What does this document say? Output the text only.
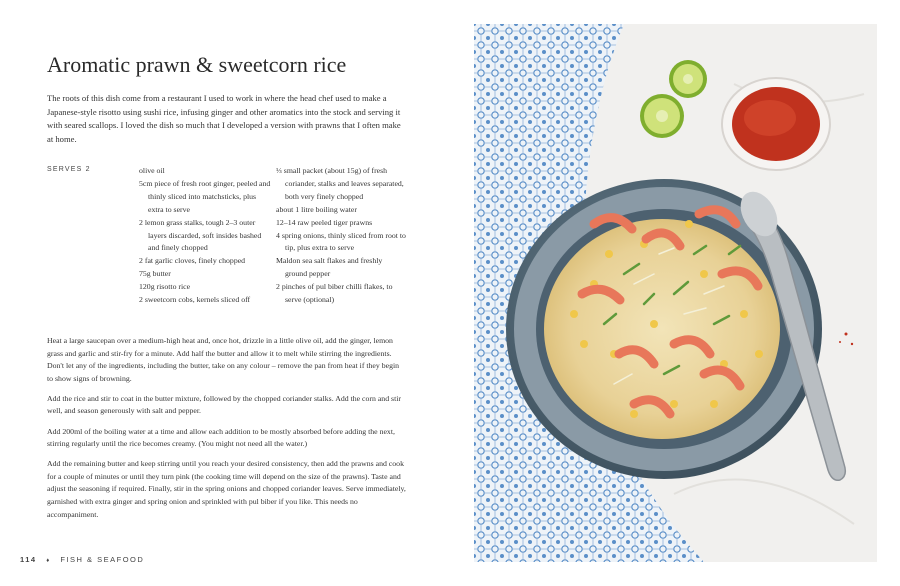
Aromatic prawn & sweetcorn rice

The roots of this dish come from a restaurant I used to work in where the head chef used to make a Japanese-style risotto using sushi rice, infusing ginger and other aromatics into the stock and serving it with seared scallops. I loved the dish so much that I developed a version with prawns that I often make at home.

SERVES 2	olive oil
5cm piece of fresh root ginger, peeled and thinly sliced into matchsticks, plus extra to serve
2 lemon grass stalks, tough 2–3 outer layers discarded, soft insides bashed and finely chopped
2 fat garlic cloves, finely chopped
75g butter
120g risotto rice
2 sweetcorn cobs, kernels sliced off
⅓ small packet (about 15g) of fresh coriander, stalks and leaves separated, both very finely chopped
about 1 litre boiling water
12–14 raw peeled tiger prawns
4 spring onions, thinly sliced from root to tip, plus extra to serve
Maldon sea salt flakes and freshly ground pepper
2 pinches of pul biber chilli flakes, to serve (optional)

Heat a large saucepan over a medium-high heat and, once hot, drizzle in a little olive oil, add the ginger, lemon grass and garlic and stir-fry for a minute. Add half the butter and allow it to melt while stirring the ingredients. Don't let any of the ingredients, including the butter, take on any colour – remove the pan from heat if they begin to show signs of browning.

Add the rice and stir to coat in the butter mixture, followed by the chopped coriander stalks. Add the corn and stir well, and season generously with salt and pepper.

Add 200ml of the boiling water at a time and allow each addition to be mostly absorbed before adding the next, stirring regularly until the rice becomes creamy. (You might not need all the water.)

Add the remaining butter and keep stirring until you reach your desired consistency, then add the prawns and cook for a couple of minutes or until they turn pink (the cooking time will depend on the size of the prawns). Taste and adjust the seasoning if required. Finally, stir in the spring onions and chopped coriander leaves. Serve immediately, garnished with extra ginger and spring onion and sprinkled with pul biber if you like. This needs no accompaniment.

114 ♦ FISH & SEAFOOD
